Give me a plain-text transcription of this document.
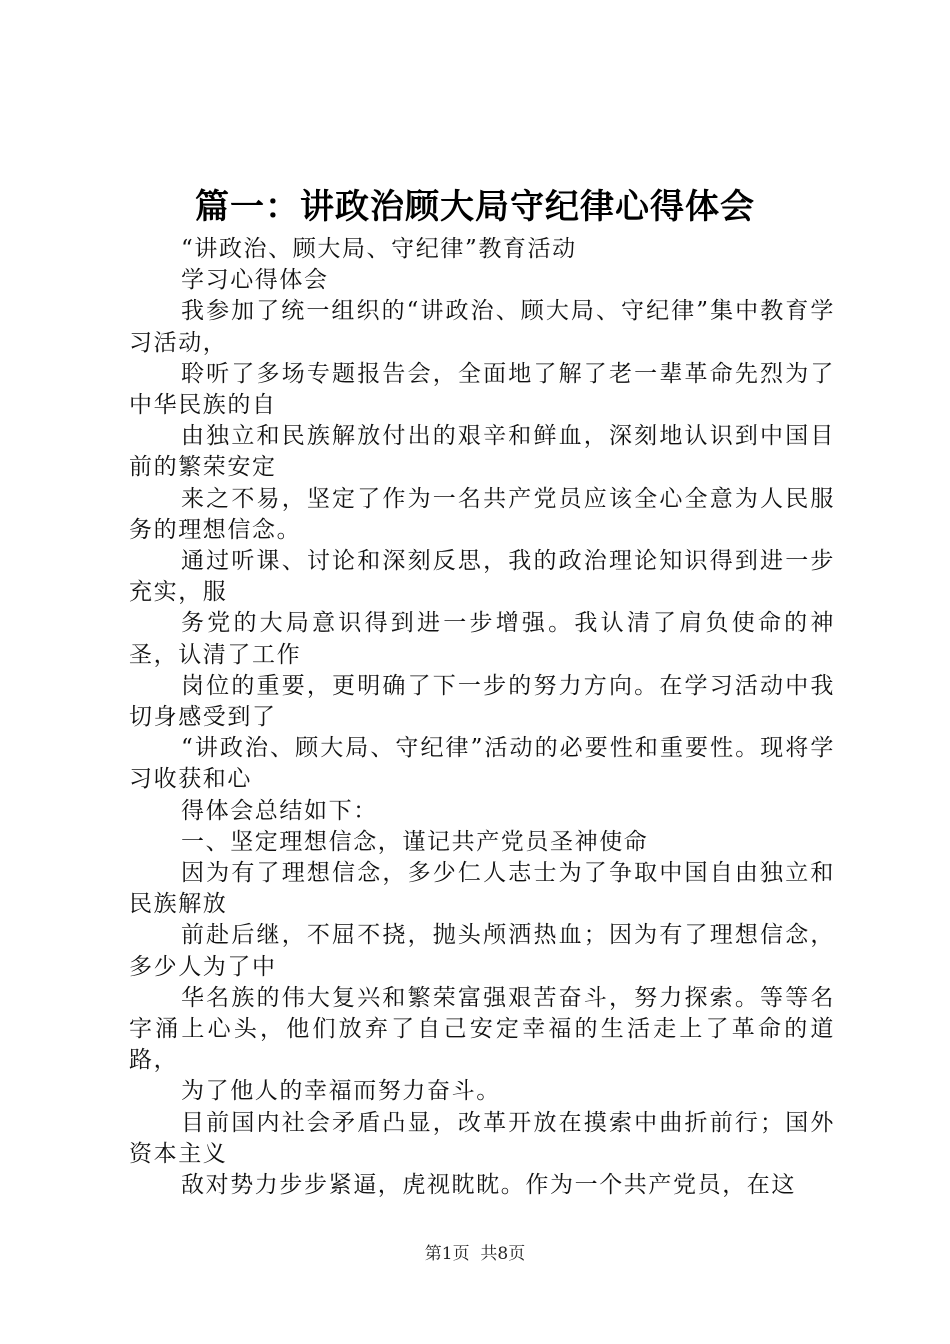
篇一：讲政治顾大局守纪律心得体会

“讲政治、顾大局、守纪律”教育活动

学习心得体会

我参加了统一组织的“讲政治、顾大局、守纪律”集中教育学习活动，

聆听了多场专题报告会，全面地了解了老一辈革命先烈为了中华民族的自

由独立和民族解放付出的艰辛和鲜血，深刻地认识到中国目前的繁荣安定

来之不易，坚定了作为一名共产党员应该全心全意为人民服务的理想信念。

通过听课、讨论和深刻反思，我的政治理论知识得到进一步充实，服

务党的大局意识得到进一步增强。我认清了肩负使命的神圣，认清了工作

岗位的重要，更明确了下一步的努力方向。在学习活动中我切身感受到了

“讲政治、顾大局、守纪律”活动的必要性和重要性。现将学习收获和心

得体会总结如下：

一、坚定理想信念，谨记共产党员圣神使命

因为有了理想信念，多少仁人志士为了争取中国自由独立和民族解放

前赴后继，不屈不挠，抛头颅洒热血；因为有了理想信念，多少人为了中

华名族的伟大复兴和繁荣富强艰苦奋斗，努力探索。等等名字涌上心头，他们放弃了自己安定幸福的生活走上了革命的道路，

为了他人的幸福而努力奋斗。

目前国内社会矛盾凸显，改革开放在摸索中曲折前行；国外资本主义

敌对势力步步紧逼，虎视眈眈。作为一个共产党员，在这

第1页 共8页
